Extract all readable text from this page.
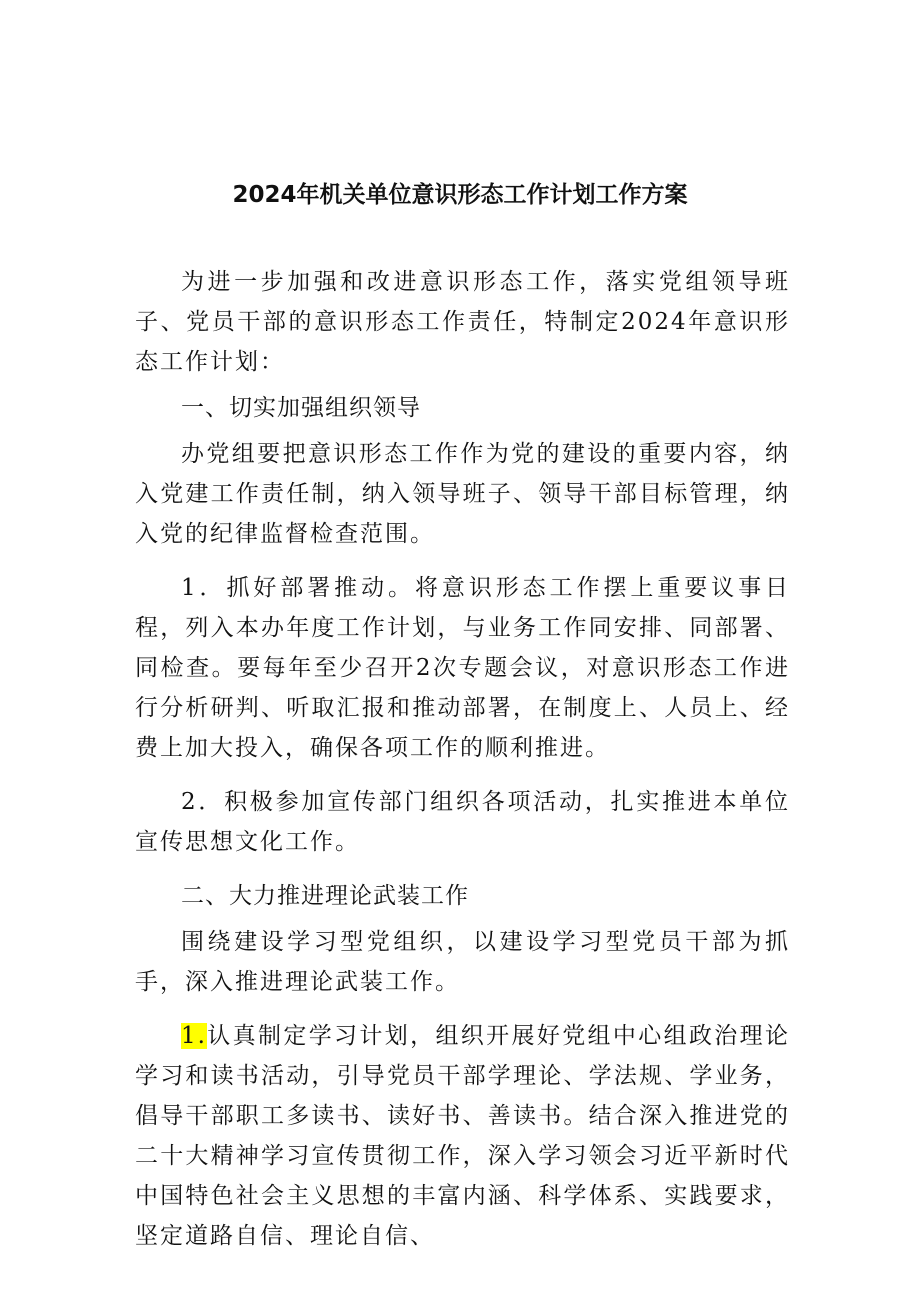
2024年机关单位意识形态工作计划工作方案

为进一步加强和改进意识形态工作，落实党组领导班子、党员干部的意识形态工作责任，特制定2024年意识形态工作计划：

一、切实加强组织领导

办党组要把意识形态工作作为党的建设的重要内容，纳入党建工作责任制，纳入领导班子、领导干部目标管理，纳入党的纪律监督检查范围。

1．抓好部署推动。将意识形态工作摆上重要议事日程，列入本办年度工作计划，与业务工作同安排、同部署、同检查。要每年至少召开2次专题会议，对意识形态工作进行分析研判、听取汇报和推动部署，在制度上、人员上、经费上加大投入，确保各项工作的顺利推进。

2．积极参加宣传部门组织各项活动，扎实推进本单位宣传思想文化工作。

二、大力推进理论武装工作

围绕建设学习型党组织，以建设学习型党员干部为抓手，深入推进理论武装工作。

1.认真制定学习计划，组织开展好党组中心组政治理论学习和读书活动，引导党员干部学理论、学法规、学业务，倡导干部职工多读书、读好书、善读书。结合深入推进党的二十大精神学习宣传贯彻工作，深入学习领会习近平新时代中国特色社会主义思想的丰富内涵、科学体系、实践要求，坚定道路自信、理论自信、
